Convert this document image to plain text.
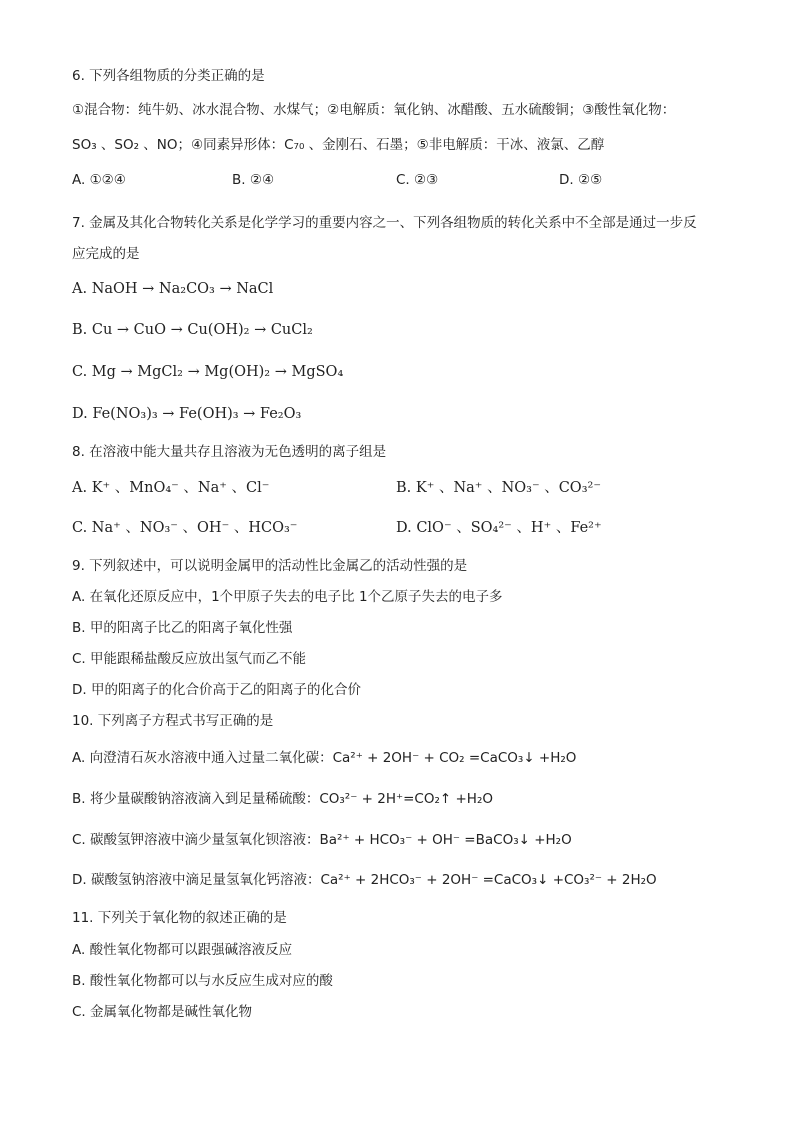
6. 下列各组物质的分类正确的是
①混合物：纯牛奶、冰水混合物、水煤气；②电解质：氧化钠、冰醋酸、五水硫酸铜；③酸性氧化物：
SO₃ 、SO₂ 、NO；④同素异形体：C₇₀ 、金刚石、石墨；⑤非电解质：干冰、液氯、乙醇
A. ①②④	B. ②④	C. ②③	D. ②⑤
7. 金属及其化合物转化关系是化学学习的重要内容之一、下列各组物质的转化关系中不全部是通过一步反
应完成的是
A. NaOH → Na₂CO₃ → NaCl
B. Cu → CuO → Cu(OH)₂ → CuCl₂
C. Mg → MgCl₂ → Mg(OH)₂ → MgSO₄
D. Fe(NO₃)₃ → Fe(OH)₃ → Fe₂O₃
8. 在溶液中能大量共存且溶液为无色透明的离子组是
A. K⁺ 、MnO₄⁻ 、Na⁺ 、Cl⁻	B. K⁺ 、Na⁺ 、NO₃⁻ 、CO₃²⁻
C. Na⁺ 、NO₃⁻ 、OH⁻ 、HCO₃⁻	D. ClO⁻ 、SO₄²⁻ 、H⁺ 、Fe²⁺
9. 下列叙述中，可以说明金属甲的活动性比金属乙的活动性强的是
A. 在氧化还原反应中，1个甲原子失去的电子比 1个乙原子失去的电子多
B. 甲的阳离子比乙的阳离子氧化性强
C. 甲能跟稀盐酸反应放出氢气而乙不能
D. 甲的阳离子的化合价高于乙的阳离子的化合价
10. 下列离子方程式书写正确的是
A. 向澄清石灰水溶液中通入过量二氧化碳：Ca²⁺ + 2OH⁻ + CO₂ =CaCO₃↓ +H₂O
B. 将少量碳酸钠溶液滴入到足量稀硫酸：CO₃²⁻ + 2H⁺=CO₂↑ +H₂O
C. 碳酸氢钾溶液中滴少量氢氧化钡溶液：Ba²⁺ + HCO₃⁻ + OH⁻ =BaCO₃↓ +H₂O
D. 碳酸氢钠溶液中滴足量氢氧化钙溶液：Ca²⁺ + 2HCO₃⁻ + 2OH⁻ =CaCO₃↓ +CO₃²⁻ + 2H₂O
11. 下列关于氧化物的叙述正确的是
A. 酸性氧化物都可以跟强碱溶液反应
B. 酸性氧化物都可以与水反应生成对应的酸
C. 金属氧化物都是碱性氧化物
